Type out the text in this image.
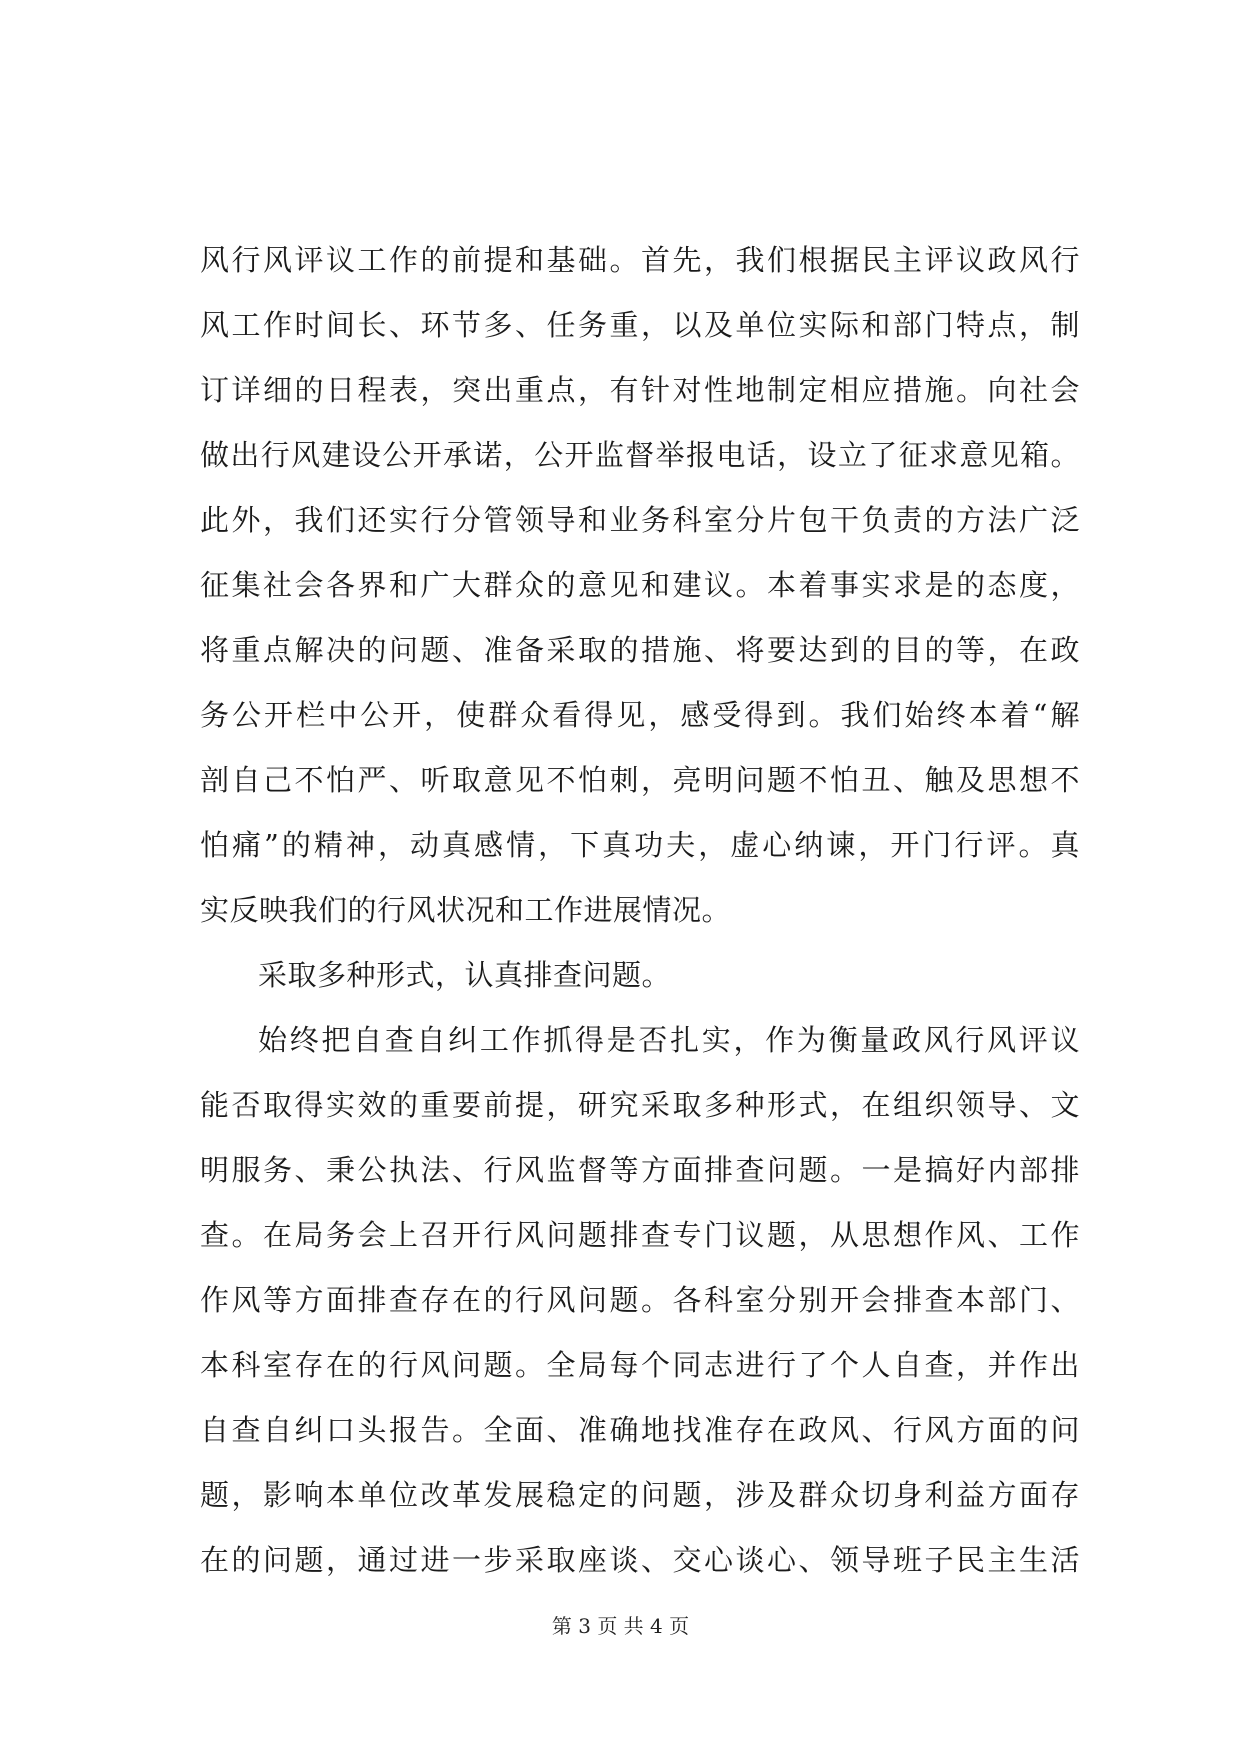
风行风评议工作的前提和基础。首先，我们根据民主评议政风行
风工作时间长、环节多、任务重，以及单位实际和部门特点，制
订详细的日程表，突出重点，有针对性地制定相应措施。向社会
做出行风建设公开承诺，公开监督举报电话，设立了征求意见箱。
此外，我们还实行分管领导和业务科室分片包干负责的方法广泛
征集社会各界和广大群众的意见和建议。本着事实求是的态度，
将重点解决的问题、准备采取的措施、将要达到的目的等，在政
务公开栏中公开，使群众看得见，感受得到。我们始终本着“解
剖自己不怕严、听取意见不怕刺，亮明问题不怕丑、触及思想不
怕痛”的精神，动真感情，下真功夫，虚心纳谏，开门行评。真
实反映我们的行风状况和工作进展情况。
采取多种形式，认真排查问题。
始终把自查自纠工作抓得是否扎实，作为衡量政风行风评议
能否取得实效的重要前提，研究采取多种形式，在组织领导、文
明服务、秉公执法、行风监督等方面排查问题。一是搞好内部排
查。在局务会上召开行风问题排查专门议题，从思想作风、工作
作风等方面排查存在的行风问题。各科室分别开会排查本部门、
本科室存在的行风问题。全局每个同志进行了个人自查，并作出
自查自纠口头报告。全面、准确地找准存在政风、行风方面的问
题，影响本单位改革发展稳定的问题，涉及群众切身利益方面存
在的问题，通过进一步采取座谈、交心谈心、领导班子民主生活
第 3 页 共 4 页
